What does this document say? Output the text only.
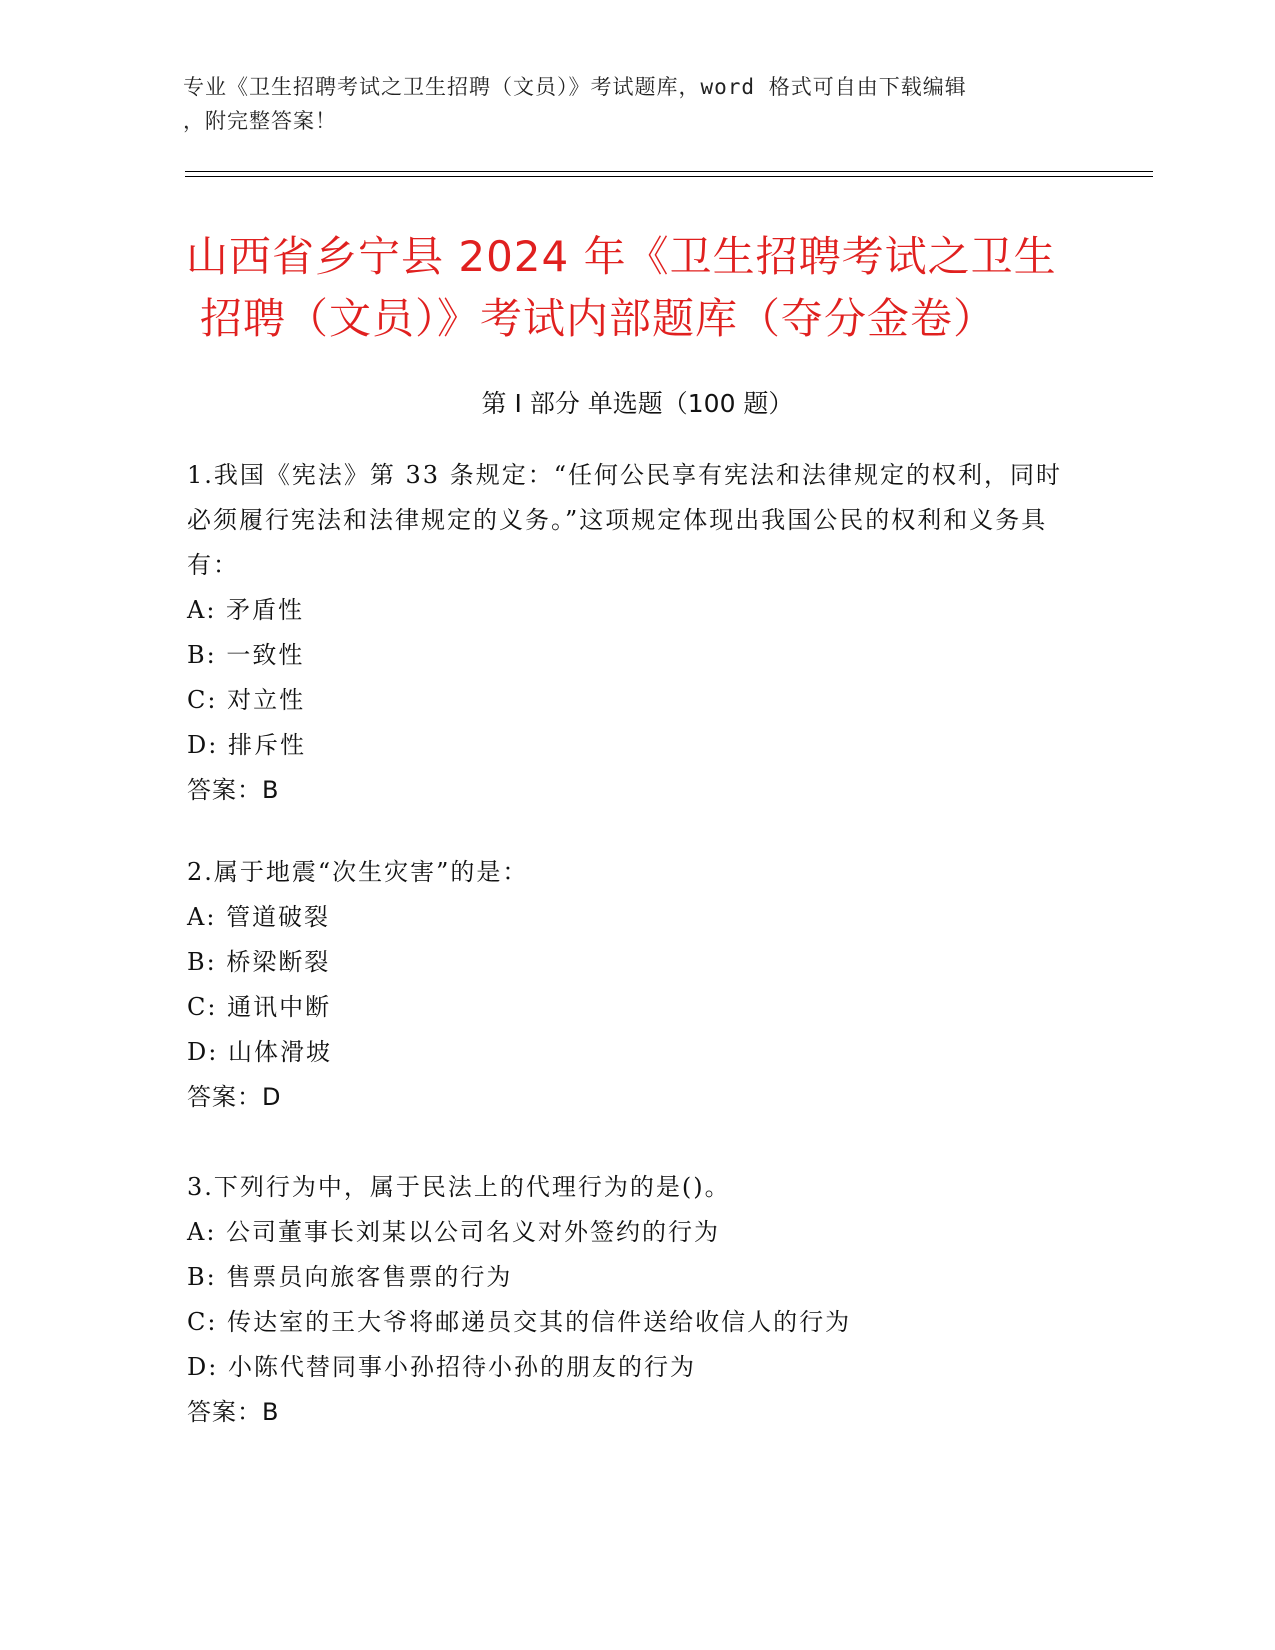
专业《卫生招聘考试之卫生招聘（文员）》考试题库，word 格式可自由下载编辑
，附完整答案！
山西省乡宁县 2024 年《卫生招聘考试之卫生
招聘（文员）》考试内部题库（夺分金卷）
第 I 部分 单选题（100 题）
1.我国《宪法》第 33 条规定：“任何公民享有宪法和法律规定的权利，同时必须履行宪法和法律规定的义务。”这项规定体现出我国公民的权利和义务具有：
A: 矛盾性
B: 一致性
C: 对立性
D: 排斥性
答案：B
2.属于地震“次生灾害”的是：
A: 管道破裂
B: 桥梁断裂
C: 通讯中断
D: 山体滑坡
答案：D
3.下列行为中，属于民法上的代理行为的是()。
A: 公司董事长刘某以公司名义对外签约的行为
B: 售票员向旅客售票的行为
C: 传达室的王大爷将邮递员交其的信件送给收信人的行为
D: 小陈代替同事小孙招待小孙的朋友的行为
答案：B
